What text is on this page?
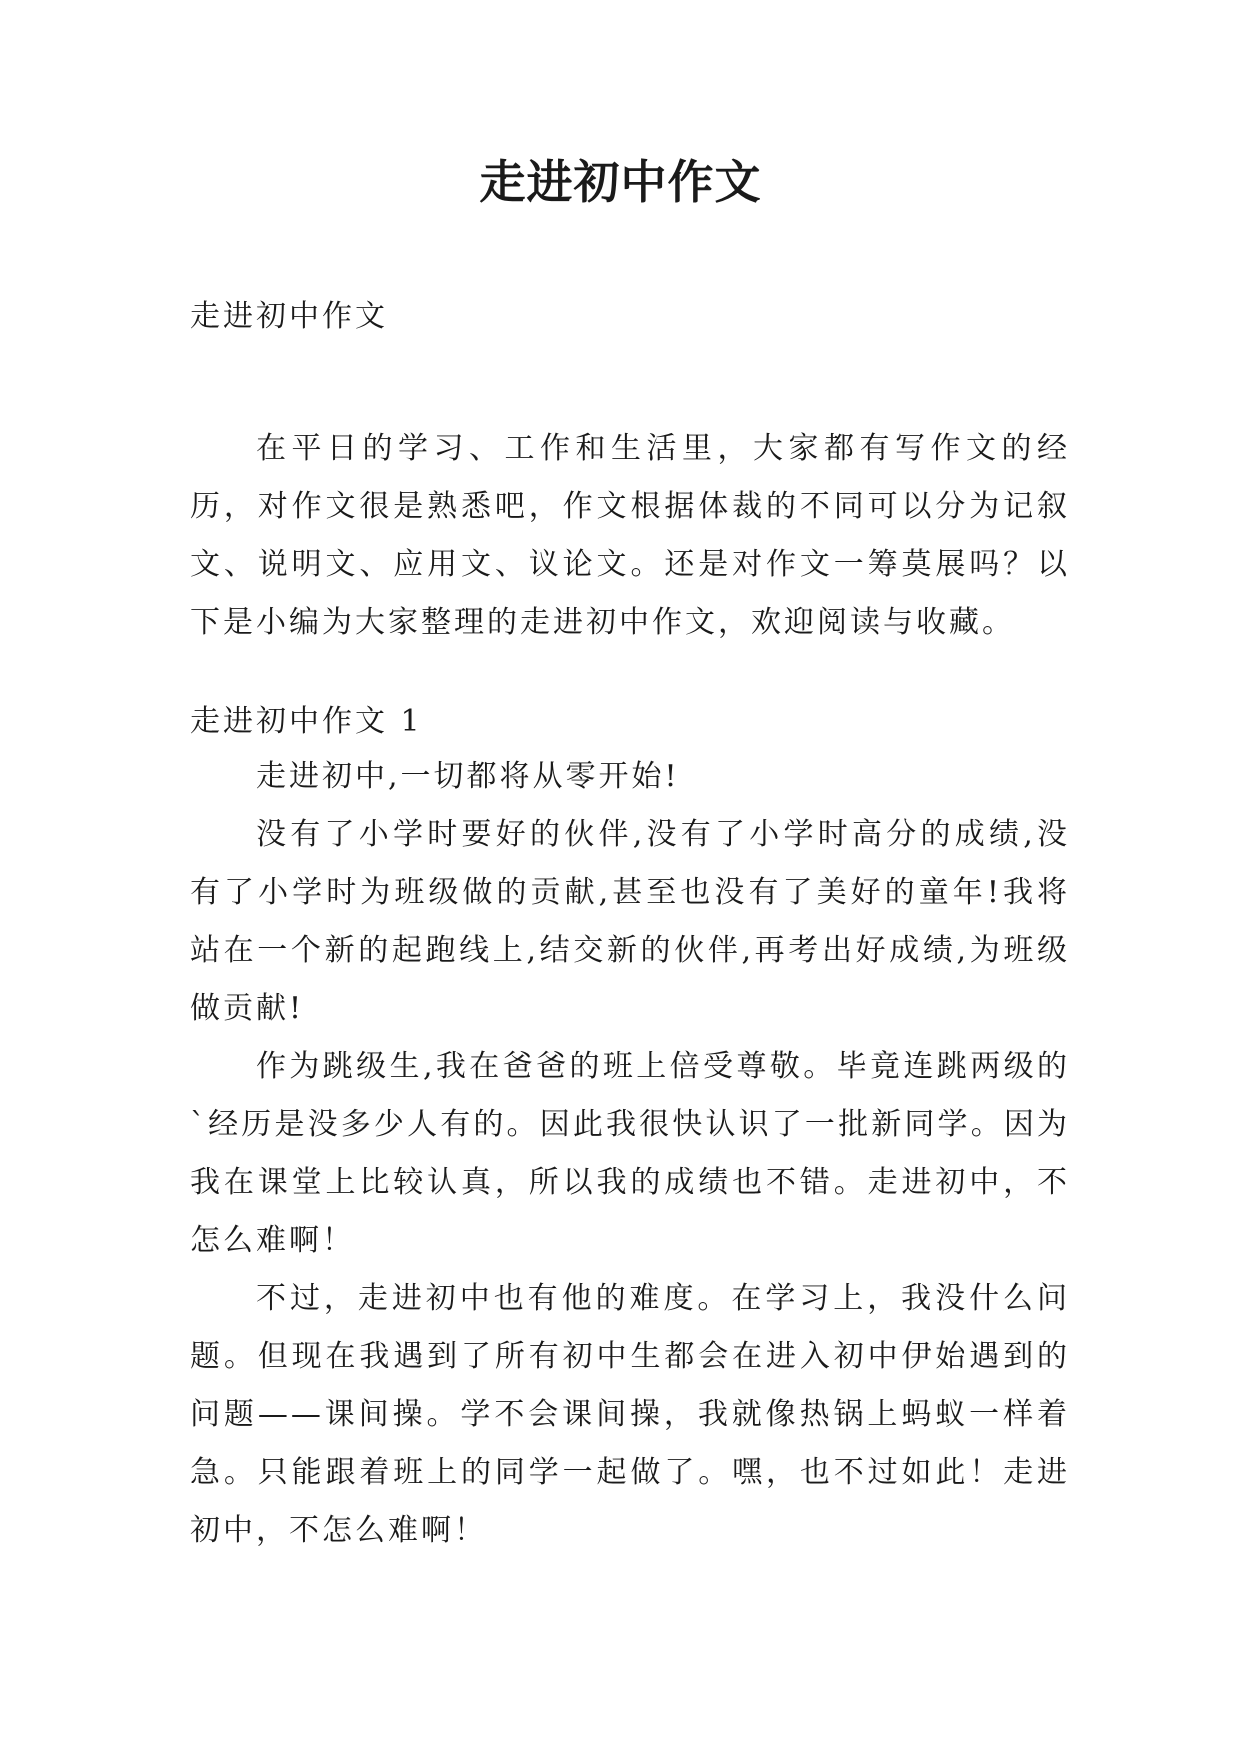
走进初中作文

走进初中作文

在平日的学习、工作和生活里，大家都有写作文的经历，对作文很是熟悉吧，作文根据体裁的不同可以分为记叙文、说明文、应用文、议论文。还是对作文一筹莫展吗？以下是小编为大家整理的走进初中作文，欢迎阅读与收藏。

走进初中作文 1

走进初中,一切都将从零开始!

没有了小学时要好的伙伴,没有了小学时高分的成绩,没有了小学时为班级做的贡献,甚至也没有了美好的童年!我将站在一个新的起跑线上,结交新的伙伴,再考出好成绩,为班级做贡献!

作为跳级生,我在爸爸的班上倍受尊敬。毕竟连跳两级的`经历是没多少人有的。因此我很快认识了一批新同学。因为我在课堂上比较认真，所以我的成绩也不错。走进初中，不怎么难啊！

不过，走进初中也有他的难度。在学习上，我没什么问题。但现在我遇到了所有初中生都会在进入初中伊始遇到的问题——课间操。学不会课间操，我就像热锅上蚂蚁一样着急。只能跟着班上的同学一起做了。嘿，也不过如此！走进初中，不怎么难啊！
